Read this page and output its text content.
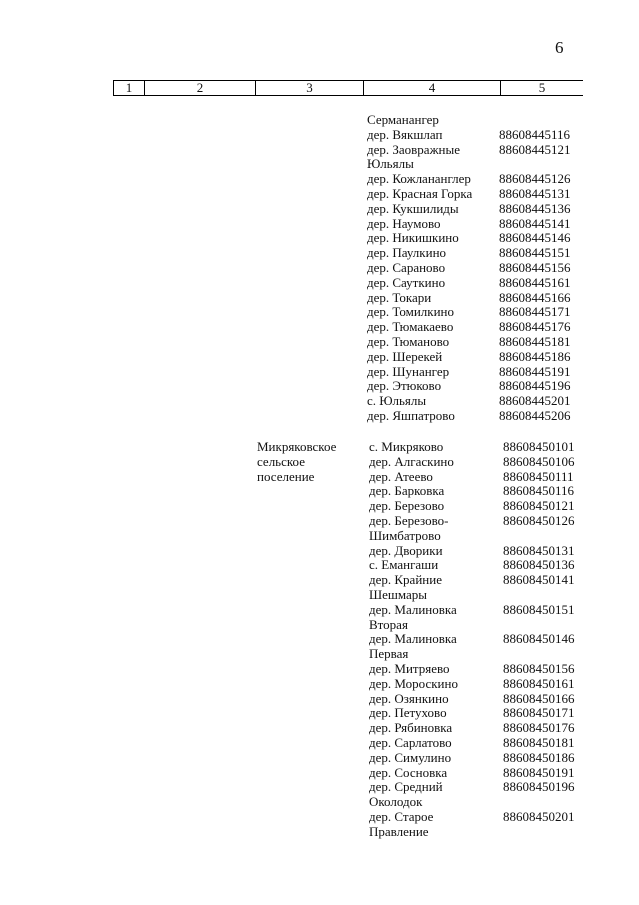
6
1	2	3	4	5
Серманангер
дер. Вякшлап	88608445116
дер. Заовражные	88608445121
Юльялы
дер. Кожлананглер 88608445126
дер. Красная Горка 88608445131
дер. Кукшилиды	88608445136
дер. Наумово	88608445141
дер. Никишкино	88608445146
дер. Паулкино	88608445151
дер. Сараново	88608445156
дер. Сауткино	88608445161
дер. Токари	88608445166
дер. Томилкино	88608445171
дер. Тюмакаево	88608445176
дер. Тюманово	88608445181
дер. Шерекей	88608445186
дер. Шунангер	88608445191
дер. Этюково	88608445196
с. Юльялы	88608445201
дер. Яшпатрово	88608445206
Микряковское
сельское
поселение
с. Микряково	88608450101
дер. Алгаскино	88608450106
дер. Атеево	88608450111
дер. Барковка	88608450116
дер. Березово	88608450121
дер. Березово-	88608450126
Шимбатрово
дер. Дворики	88608450131
с. Емангаши	88608450136
дер. Крайние	88608450141
Шешмары
дер. Малиновка	88608450151
Вторая
дер. Малиновка	88608450146
Первая
дер. Митряево	88608450156
дер. Мороскино	88608450161
дер. Озянкино	88608450166
дер. Петухово	88608450171
дер. Рябиновка	88608450176
дер. Сарлатово	88608450181
дер. Симулино	88608450186
дер. Сосновка	88608450191
дер. Средний	88608450196
Околодок
дер. Старое	88608450201
Правление
